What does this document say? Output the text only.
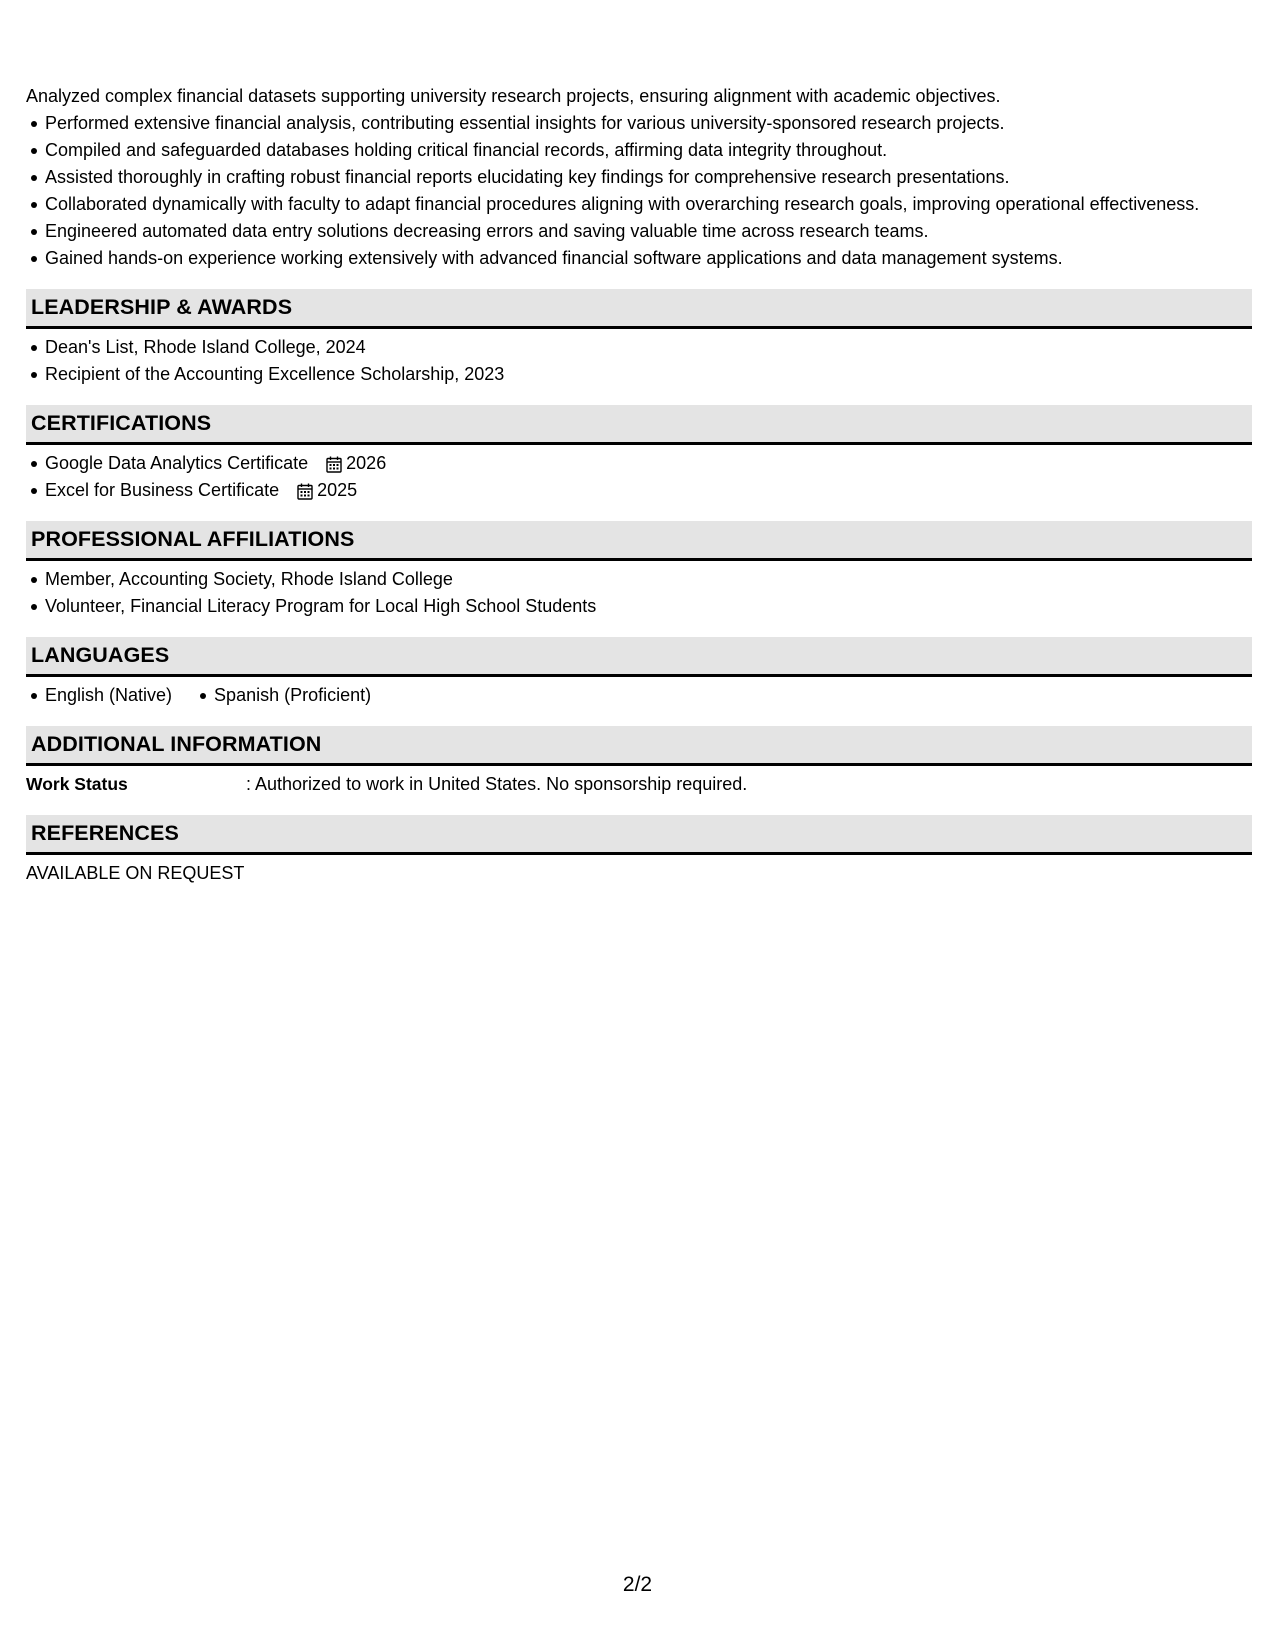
Analyzed complex financial datasets supporting university research projects, ensuring alignment with academic objectives.

Performed extensive financial analysis, contributing essential insights for various university-sponsored research projects.
Compiled and safeguarded databases holding critical financial records, affirming data integrity throughout.
Assisted thoroughly in crafting robust financial reports elucidating key findings for comprehensive research presentations.
Collaborated dynamically with faculty to adapt financial procedures aligning with overarching research goals, improving operational effectiveness.
Engineered automated data entry solutions decreasing errors and saving valuable time across research teams.
Gained hands-on experience working extensively with advanced financial software applications and data management systems.
LEADERSHIP & AWARDS
Dean's List, Rhode Island College, 2024
Recipient of the Accounting Excellence Scholarship, 2023
CERTIFICATIONS
Google Data Analytics Certificate 2026
Excel for Business Certificate 2025
PROFESSIONAL AFFILIATIONS
Member, Accounting Society, Rhode Island College
Volunteer, Financial Literacy Program for Local High School Students
LANGUAGES
English (Native)	Spanish (Proficient)
ADDITIONAL INFORMATION
Work Status	: Authorized to work in United States. No sponsorship required.
REFERENCES

AVAILABLE ON REQUEST

2/2
